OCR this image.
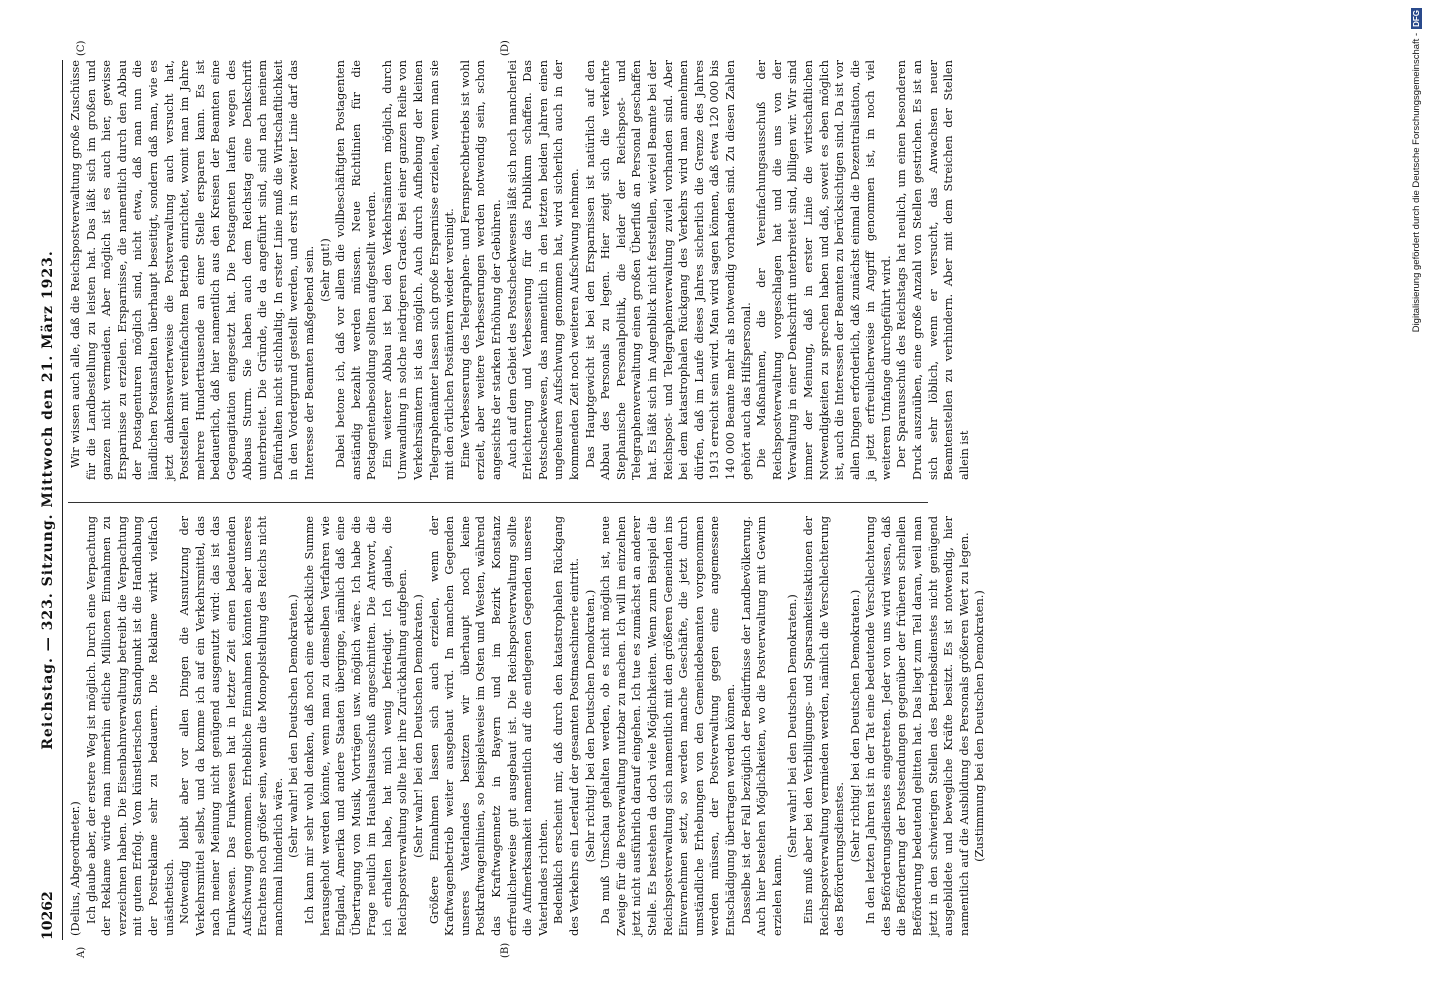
10262
Reichstag. — 323. Sitzung. Mittwoch den 21. März 1923.
A)	(B)
(C)	(D)

(Delius, Abgeordneter.) Ich glaube aber, der erstere Weg ist möglich. Durch eine Verpachtung der Reklame würde man immerhin etliche Millionen Einnahmen zu verzeichnen haben. Die Eisenbahnverwaltung betreibt die Verpachtung mit gutem Erfolg. Vom künstlerischen Standpunkt ist die Handhabung der Postreklame sehr zu bedauern. Die Reklame wirkt vielfach unästhetisch. Notwendig bleibt aber vor allen Dingen die Ausnutzung der Verkehrsmittel selbst, und da komme ich auf ein Verkehrsmittel, das nach meiner Meinung nicht genügend ausgenutzt wird: das ist das Funkwesen. Das Funkwesen hat in letzter Zeit einen bedeutenden Aufschwung genommen. Erhebliche Einnahmen könnten aber unseres Erachtens noch größer sein, wenn die Monopolstellung des Reichs nicht manchmal hinderlich wäre. (Sehr wahr! bei den Deutschen Demokraten.) Ich kann mir sehr wohl denken, daß noch eine erkleckliche Summe herausgeholt werden könnte, wenn man zu demselben Verfahren wie England, Amerika und andere Staaten überginge, nämlich daß eine Übertragung von Musik, Vorträgen usw. möglich wäre. Ich habe die Frage neulich im Haushaltsausschuß angeschnitten. Die Antwort, die ich erhalten habe, hat mich wenig befriedigt. Ich glaube, die Reichspostverwaltung sollte hier ihre Zurückhaltung aufgeben. (Sehr wahr! bei den Deutschen Demokraten.) Größere Einnahmen lassen sich auch erzielen, wenn der Kraftwagenbetrieb weiter ausgebaut wird. In manchen Gegenden unseres Vaterlandes besitzen wir überhaupt noch keine Postkraftwagenlinien, so beispielsweise im Osten und Westen, während das Kraftwagennetz in Bayern und im Bezirk Konstanz erfreulicherweise gut ausgebaut ist. Die Reichspostverwaltung sollte die Aufmerksamkeit namentlich auf die entlegenen Gegenden unseres Vaterlandes richten. Bedenklich erscheint mir, daß durch den katastrophalen Rückgang des Verkehrs ein Leerlauf der gesamten Postmaschinerie eintritt. (Sehr richtig! bei den Deutschen Demokraten.) Da muß Umschau gehalten werden, ob es nicht möglich ist, neue Zweige für die Postverwaltung nutzbar zu machen. Ich will im einzelnen jetzt nicht ausführlich darauf eingehen. Ich tue es zumächst an anderer Stelle. Es bestehen da doch viele Möglichkeiten. Wenn zum Beispiel die Reichspostverwaltung sich namentlich mit den größeren Gemeinden ins Einvernehmen setzt, so werden manche Geschäfte, die jetzt durch umständliche Erhebungen von den Gemeindebeamten vorgenommen werden müssen, der Postverwaltung gegen eine angemessene Entschädigung übertragen werden können. Dasselbe ist der Fall bezüglich der Bedürfnisse der Landbevölkerung. Auch hier bestehen Möglichkeiten, wo die Postverwaltung mit Gewinn erzielen kann.

(Sehr wahr! bei den Deutschen Demokraten.) Eins muß aber bei den Verbilligungs- und Sparsamkeitsaktionen der Reichspostverwaltung vermieden werden, nämlich die Verschlechterung des Beförderungsdienstes. (Sehr richtig! bei den Deutschen Demokraten.) In den letzten Jahren ist in der Tat eine bedeutende Verschlechterung des Beförderungsdienstes eingetreten. Jeder von uns wird wissen, daß die Beförderung der Postsendungen gegenüber der früheren schnellen Beförderung bedeutend gelitten hat. Das liegt zum Teil daran, weil man jetzt in den schwierigen Stellen des Betriebsdienstes nicht genügend ausgebildete und bewegliche Kräfte besitzt. Es ist notwendig, hier namentlich auf die Ausbildung des Personals größeren Wert zu legen. (Zustimmung bei den Deutschen Demokraten.)

Wir wissen auch alle, daß die Reichspostverwaltung große Zuschüsse für die Landbestellung zu leisten hat. Das läßt sich im großen und ganzen nicht vermeiden. Aber möglich ist es auch hier, gewisse Ersparnisse zu erzielen. Ersparnisse, die namentlich durch den Abbau der Postagenturen möglich sind, nicht etwa, daß man nun die ländlichen Postanstalten überhaupt beseitigt, sondern daß man, wie es jetzt dankenswerterweise die Postverwaltung auch versucht hat, Poststellen mit vereinfachtem Betrieb einrichtet, womit man im Jahre mehrere Hunderttausende an einer Stelle ersparen kann. Es ist bedauerlich, daß hier namentlich aus den Kreisen der Beamten eine Gegenagitation eingesetzt hat. Die Postagenten laufen wegen des Abbaus Sturm. Sie haben auch dem Reichstag eine Denkschrift unterbreitet. Die Gründe, die da angeführt sind, sind nach meinem Dafürhalten nicht stichhaltig. In erster Linie muß die Wirtschaftlichkeit in den Vordergrund gestellt werden, und erst in zweiter Linie darf das Interesse der Beamten maßgebend sein. (Sehr gut!) Dabei betone ich, daß vor allem die vollbeschäftigten Postagenten anständig bezahlt werden müssen. Neue Richtlinien für die Postagentenbesoldung sollten aufgestellt werden. Ein weiterer Abbau ist bei den Verkehrsämtern möglich, durch Umwandlung in solche niedrigeren Grades. Bei einer ganzen Reihe von Verkehrsämtern ist das möglich. Auch durch Aufhebung der kleinen Telegraphenämter lassen sich große Ersparnisse erzielen, wenn man sie mit den örtlichen Postämtern wieder vereinigt. Eine Verbesserung des Telegraphen- und Fernsprechbetriebs ist wohl erzielt, aber weitere Verbesserungen werden notwendig sein, schon angesichts der starken Erhöhung der Gebühren. Auch auf dem Gebiet des Postscheckwesens läßt sich noch mancherlei Erleichterung und Verbesserung für das Publikum schaffen. Das Postscheckwesen, das namentlich in den letzten beiden Jahren einen ungeheuren Aufschwung genommen hat, wird sicherlich auch in der kommenden Zeit noch weiteren Aufschwung nehmen. Das Hauptgewicht ist bei den Ersparnissen ist natürlich auf den Abbau des Personals zu legen. Hier zeigt sich die verkehrte Stephanische Personalpolitik, die leider der Reichspost- und Telegraphenverwaltung einen großen Überfluß an Personal geschaffen hat. Es läßt sich im Augenblick nicht feststellen, wieviel Beamte bei der Reichspost- und Telegraphenverwaltung zuviel vorhanden sind. Aber bei dem katastrophalen Rückgang des Verkehrs wird man annehmen dürfen, daß im Laufe dieses Jahres sicherlich die Grenze des Jahres 1913 erreicht sein wird. Man wird sagen können, daß etwa 120 000 bis 140 000 Beamte mehr als notwendig vorhanden sind. Zu diesen Zahlen gehört auch das Hilfspersonal. Die Maßnahmen, die der Vereinfachungsausschuß der Reichspostverwaltung vorgeschlagen hat und die uns von der Verwaltung in einer Denkschrift unterbreitet sind, billigen wir. Wir sind immer der Meinung, daß in erster Linie die wirtschaftlichen Notwendigkeiten zu sprechen haben und daß, soweit es eben möglich ist, auch die Interessen der Beamten zu berücksichtigen sind. Da ist vor allen Dingen erforderlich, daß zunächst einmal die Dezentralisation, die ja jetzt erfreulicherweise in Angriff genommen ist, in noch viel weiterem Umfange durchgeführt wird. Der Sparausschuß des Reichstags hat neulich, um einen besonderen Druck auszuüben, eine große Anzahl von Stellen gestrichen. Es ist an sich sehr löblich, wenn er versucht, das Anwachsen neuer Beamtenstellen zu verhindern. Aber mit dem Streichen der Stellen allein ist

Digitalisierung gefördert durch die Deutsche Forschungsgemeinschaft -DFG
